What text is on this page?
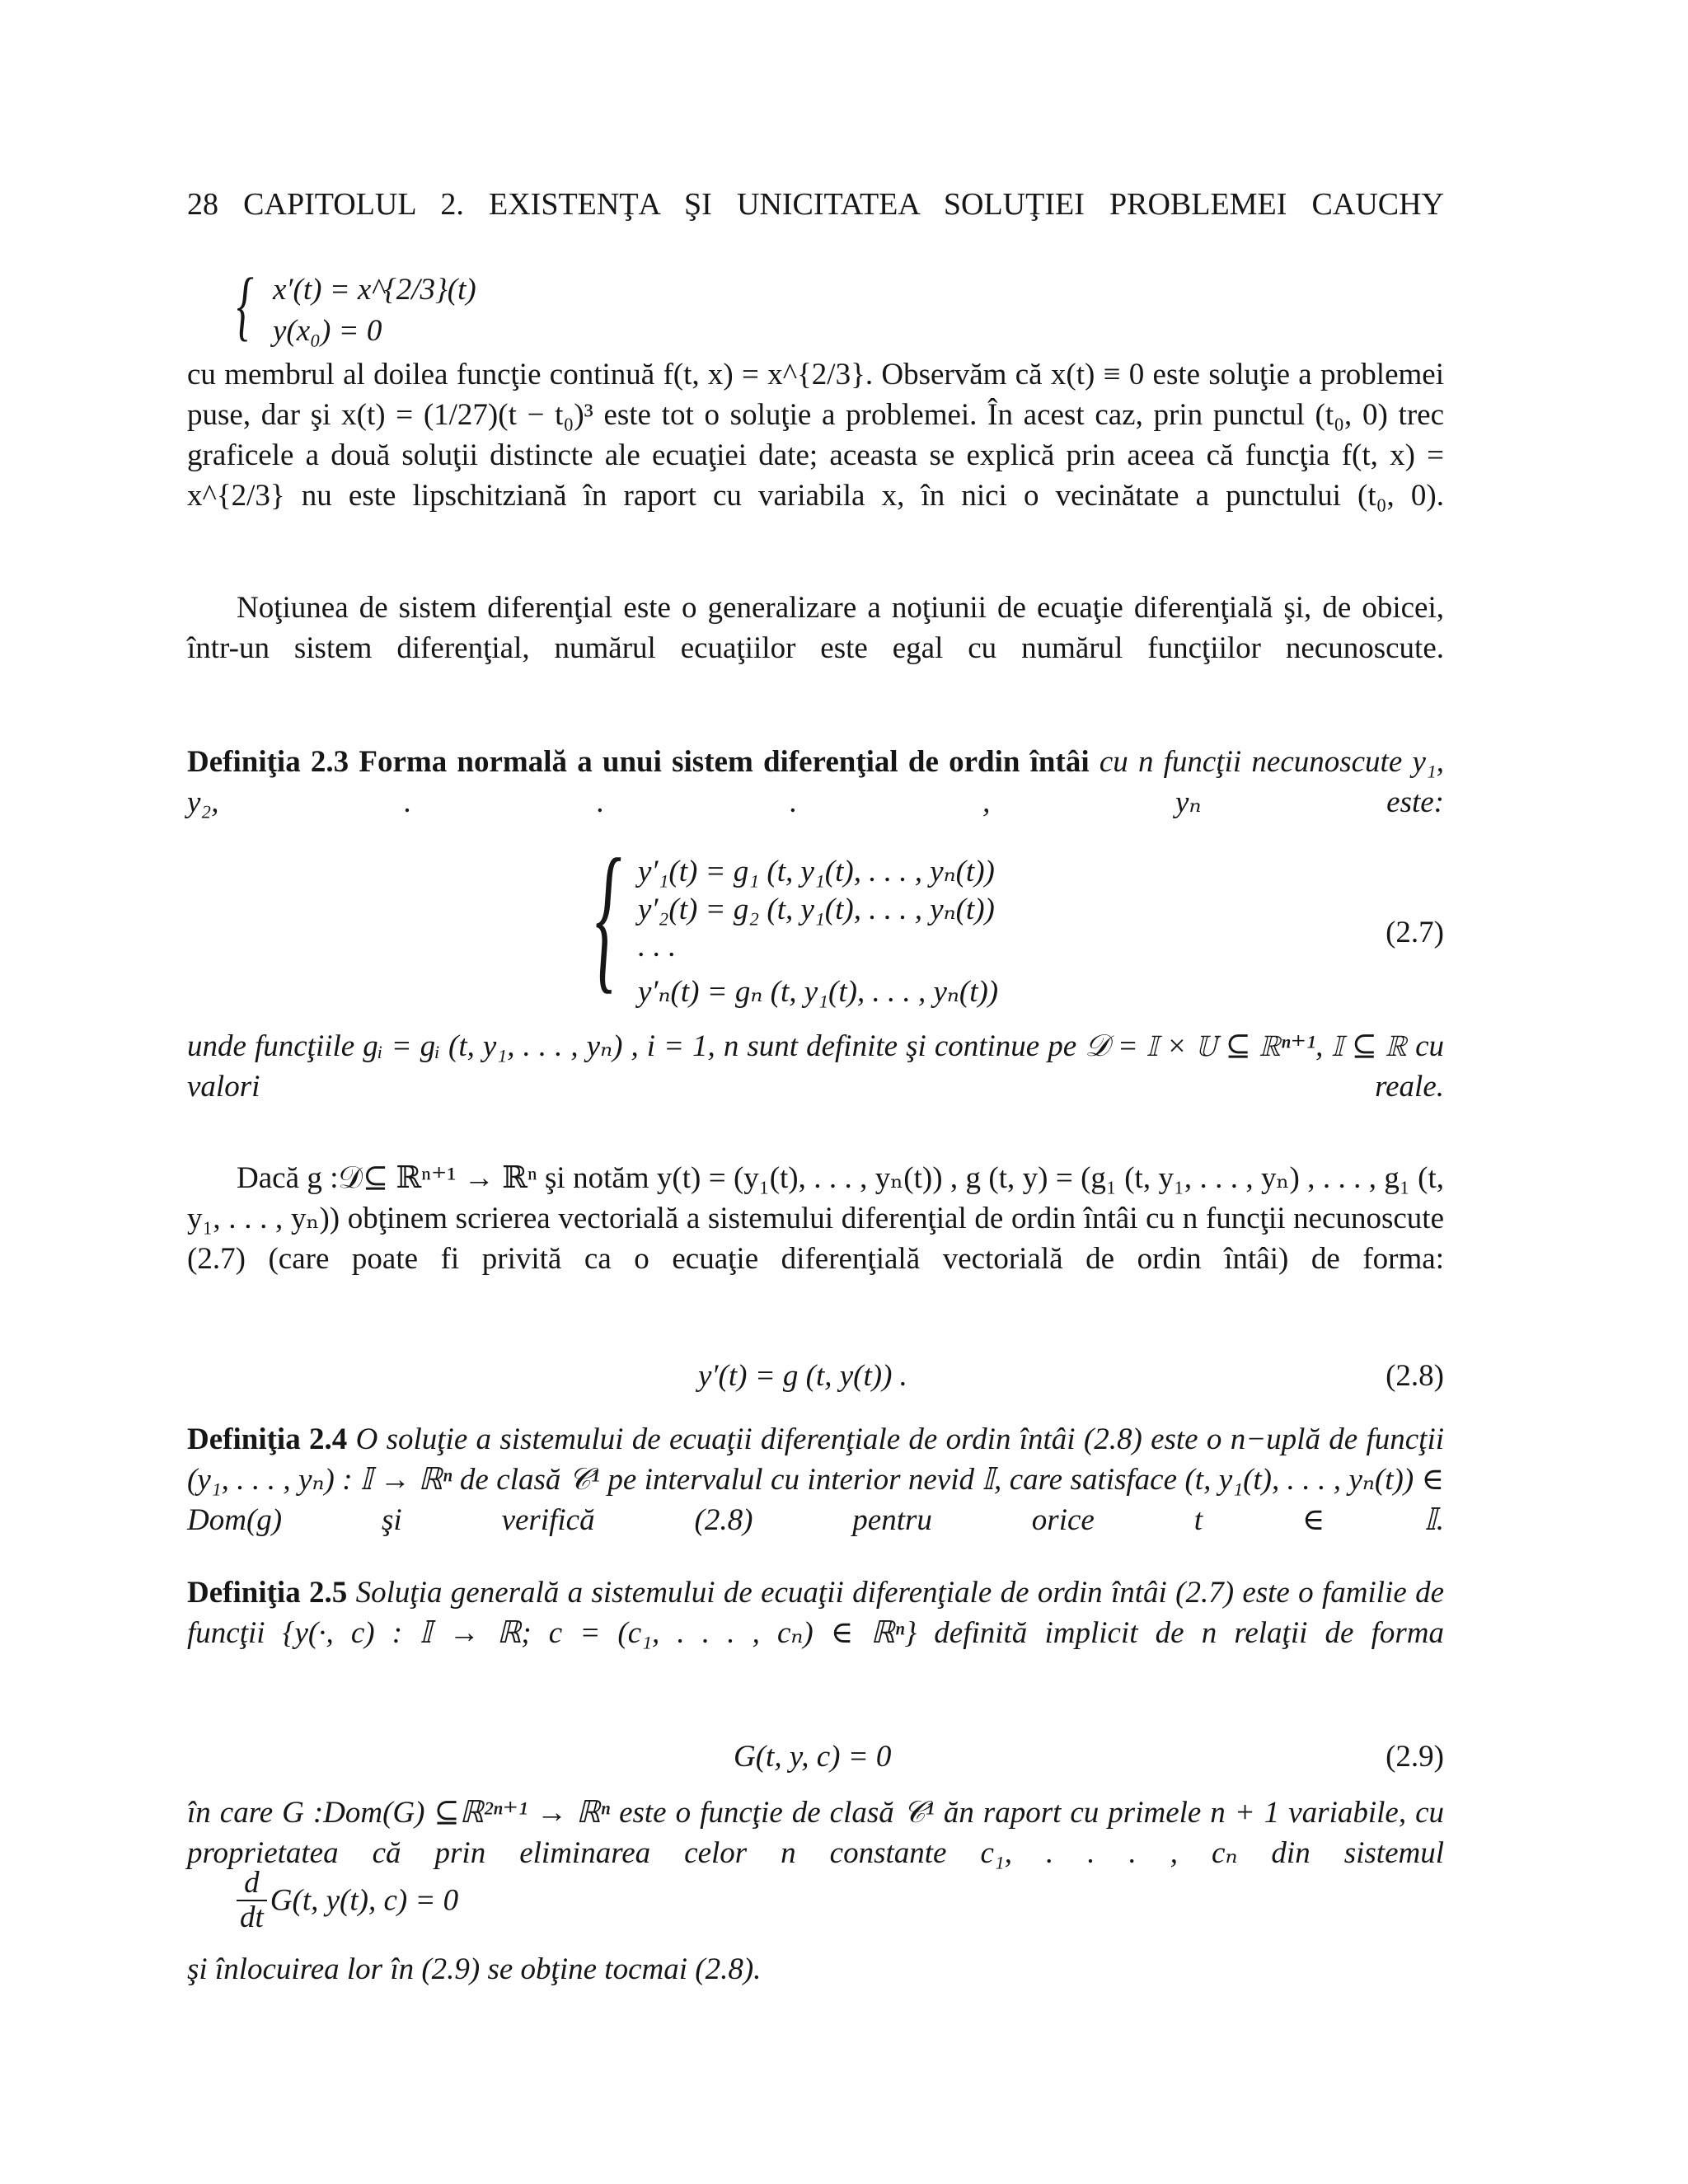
28 CAPITOLUL 2. EXISTENŢA ŞI UNICITATEA SOLUŢIEI PROBLEMEI CAUCHY
{ x′(t) = x^{2/3}(t)
y(x₀) = 0
cu membrul al doilea funcţie continuă f(t, x) = x^{2/3}. Observăm că x(t) ≡ 0 este soluţie a problemei puse, dar şi x(t) = (1/27)(t − t₀)³ este tot o soluţie a problemei. În acest caz, prin punctul (t₀, 0) trec graficele a două soluţii distincte ale ecuaţiei date; aceasta se explică prin aceea că funcţia f(t, x) = x^{2/3} nu este lipschitziană în raport cu variabila x, în nici o vecinătate a punctului (t₀, 0).
Noţiunea de sistem diferenţial este o generalizare a noţiunii de ecuaţie diferenţială şi, de obicei, într-un sistem diferenţial, numărul ecuaţiilor este egal cu numărul funcţiilor necunoscute.
Definiţia 2.3 Forma normală a unui sistem diferenţial de ordin întâi cu n funcţii necunoscute y₁, y₂, . . . , yₙ este:
{ y′₁(t) = g₁ (t, y₁(t), . . . , yₙ(t))
y′₂(t) = g₂ (t, y₁(t), . . . , yₙ(t))
. . .
y′ₙ(t) = gₙ (t, y₁(t), . . . , yₙ(t))
(2.7)
unde funcţiile gᵢ = gᵢ (t, y₁, . . . , yₙ) , i = 1, n sunt definite şi continue pe 𝒟 = 𝕀 × 𝕌 ⊆ ℝⁿ⁺¹, 𝕀 ⊆ ℝ cu valori reale.
Dacă g :𝒟⊆ ℝⁿ⁺¹ → ℝⁿ şi notăm y(t) = (y₁(t), . . . , yₙ(t)) , g (t, y) = (g₁ (t, y₁, . . . , yₙ) , . . . , g₁ (t, y₁, . . . , yₙ)) obţinem scrierea vectorială a sistemului diferenţial de ordin întâi cu n funcţii necunoscute (2.7) (care poate fi privită ca o ecuaţie diferenţială vectorială de ordin întâi) de forma:
y′(t) = g (t, y(t)) .	(2.8)
Definiţia 2.4 O soluţie a sistemului de ecuaţii diferenţiale de ordin întâi (2.8) este o n−uplă de funcţii (y₁, . . . , yₙ) : 𝕀 → ℝⁿ de clasă 𝒞¹ pe intervalul cu interior nevid 𝕀, care satisface (t, y₁(t), . . . , yₙ(t)) ∈ Dom(g) şi verifică (2.8) pentru orice t ∈ 𝕀.
Definiţia 2.5 Soluţia generală a sistemului de ecuaţii diferenţiale de ordin întâi (2.7) este o familie de funcţii {y(·, c) : 𝕀 → ℝ; c = (c₁, . . . , cₙ) ∈ ℝⁿ} definită implicit de n relaţii de forma
G(t, y, c) = 0	(2.9)
în care G :Dom(G) ⊆ℝ²ⁿ⁺¹ → ℝⁿ este o funcţie de clasă 𝒞¹ ăn raport cu primele n + 1 variabile, cu proprietatea că prin eliminarea celor n constante c₁, . . . , cₙ din sistemul
$\frac{d}{dt} G(t$, y(t), c) = 0
şi înlocuirea lor în (2.9) se obţine tocmai (2.8).
